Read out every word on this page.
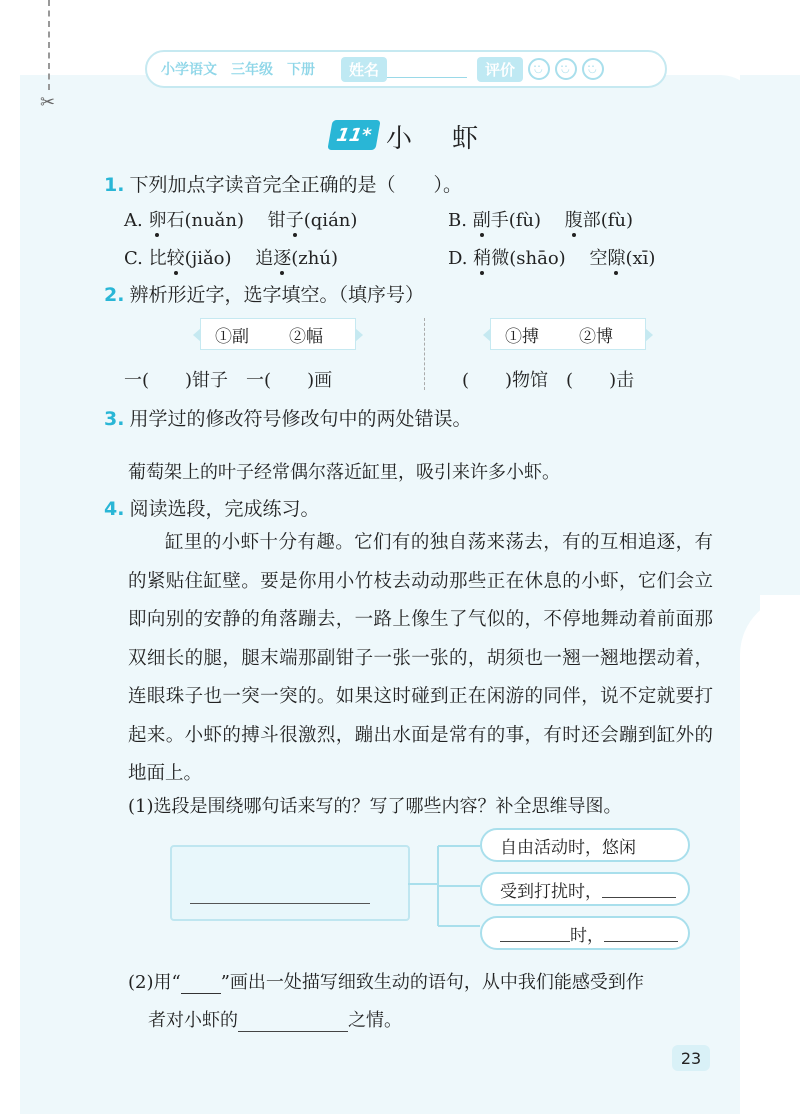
✂
小学语文 三年级 下册	姓名	评价
‥ ◡
‥ ◡
‥ ◡
11* 小虾
1. 下列加点字读音完全正确的是（　　）。
A. 卵石(nuǎn) 　 钳子(qián)	B. 副手(fù) 　 腹部(fù)
C. 比较(jiǎo) 　 追逐(zhú)	D. 稍微(shāo) 　 空隙(xī)
2. 辨析形近字，选字填空。（填序号）
①副 ②幅	①搏 ②博
一(　　)钳子　一(　　)画	(　　)物馆　(　　)击
3. 用学过的修改符号修改句中的两处错误。
葡萄架上的叶子经常偶尔落近缸里，吸引来许多小虾。
4. 阅读选段，完成练习。
缸里的小虾十分有趣。它们有的独自荡来荡去，有的互相追逐，有的紧贴住缸壁。要是你用小竹枝去动动那些正在休息的小虾，它们会立即向别的安静的角落蹦去，一路上像生了气似的，不停地舞动着前面那双细长的腿，腿末端那副钳子一张一张的，胡须也一翘一翘地摆动着，连眼珠子也一突一突的。如果这时碰到正在闲游的同伴，说不定就要打起来。小虾的搏斗很激烈，蹦出水面是常有的事，有时还会蹦到缸外的地面上。
(1)选段是围绕哪句话来写的？写了哪些内容？补全思维导图。
自由活动时，悠闲
受到打扰时，
时，
(2)用“ ”画出一处描写细致生动的语句，从中我们能感受到作
者对小虾的	之情。
23
